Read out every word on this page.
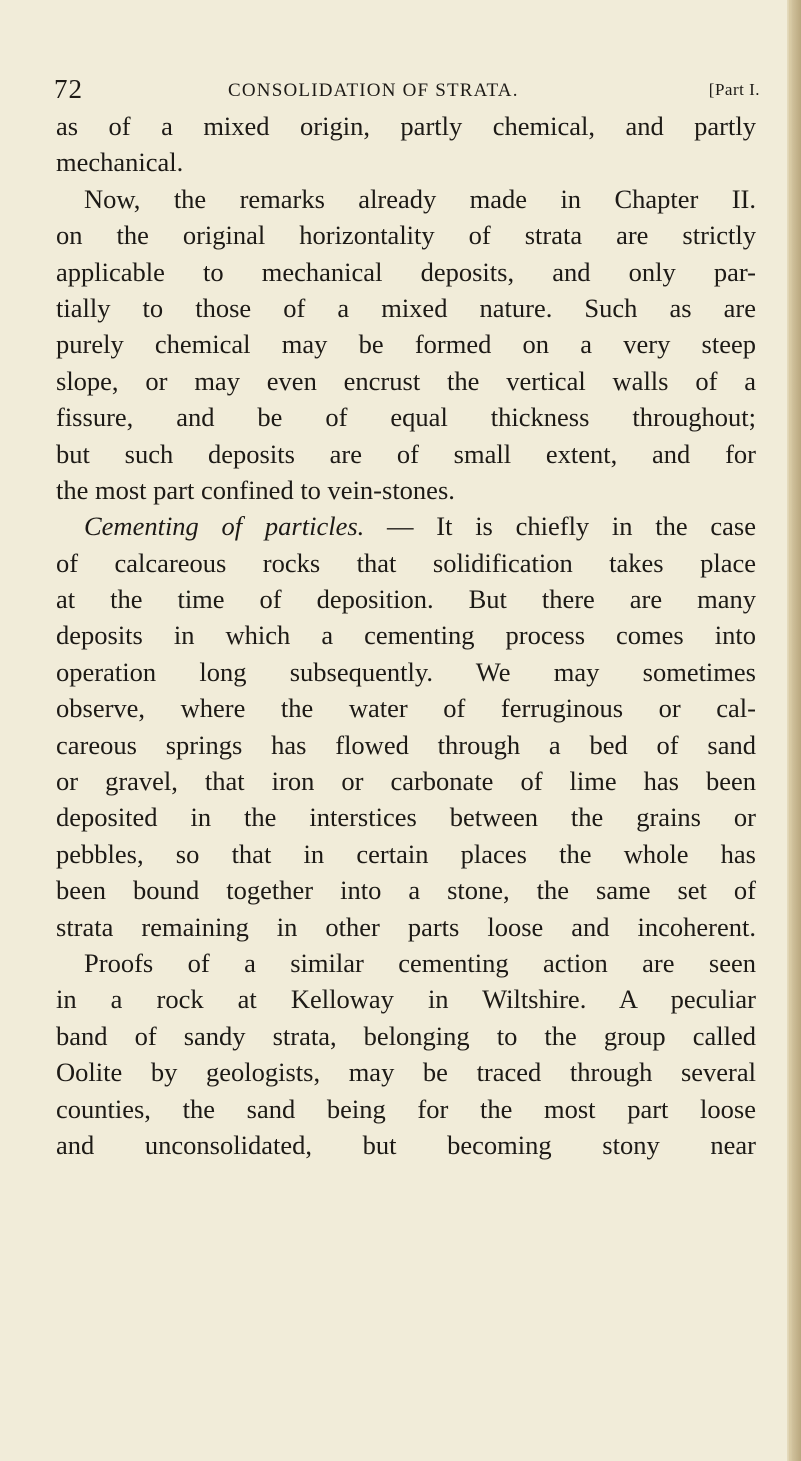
72	CONSOLIDATION OF STRATA.	[Part I.
as of a mixed origin, partly chemical, and partly
mechanical.
Now, the remarks already made in Chapter II.
on the original horizontality of strata are strictly
applicable to mechanical deposits, and only par-
tially to those of a mixed nature. Such as are
purely chemical may be formed on a very steep
slope, or may even encrust the vertical walls of a
fissure, and be of equal thickness throughout;
but such deposits are of small extent, and for
the most part confined to vein-stones.
Cementing of particles. — It is chiefly in the case
of calcareous rocks that solidification takes place
at the time of deposition. But there are many
deposits in which a cementing process comes into
operation long subsequently. We may sometimes
observe, where the water of ferruginous or cal-
careous springs has flowed through a bed of sand
or gravel, that iron or carbonate of lime has been
deposited in the interstices between the grains or
pebbles, so that in certain places the whole has
been bound together into a stone, the same set of
strata remaining in other parts loose and incoherent.
Proofs of a similar cementing action are seen
in a rock at Kelloway in Wiltshire. A peculiar
band of sandy strata, belonging to the group called
Oolite by geologists, may be traced through several
counties, the sand being for the most part loose
and unconsolidated, but becoming stony near
